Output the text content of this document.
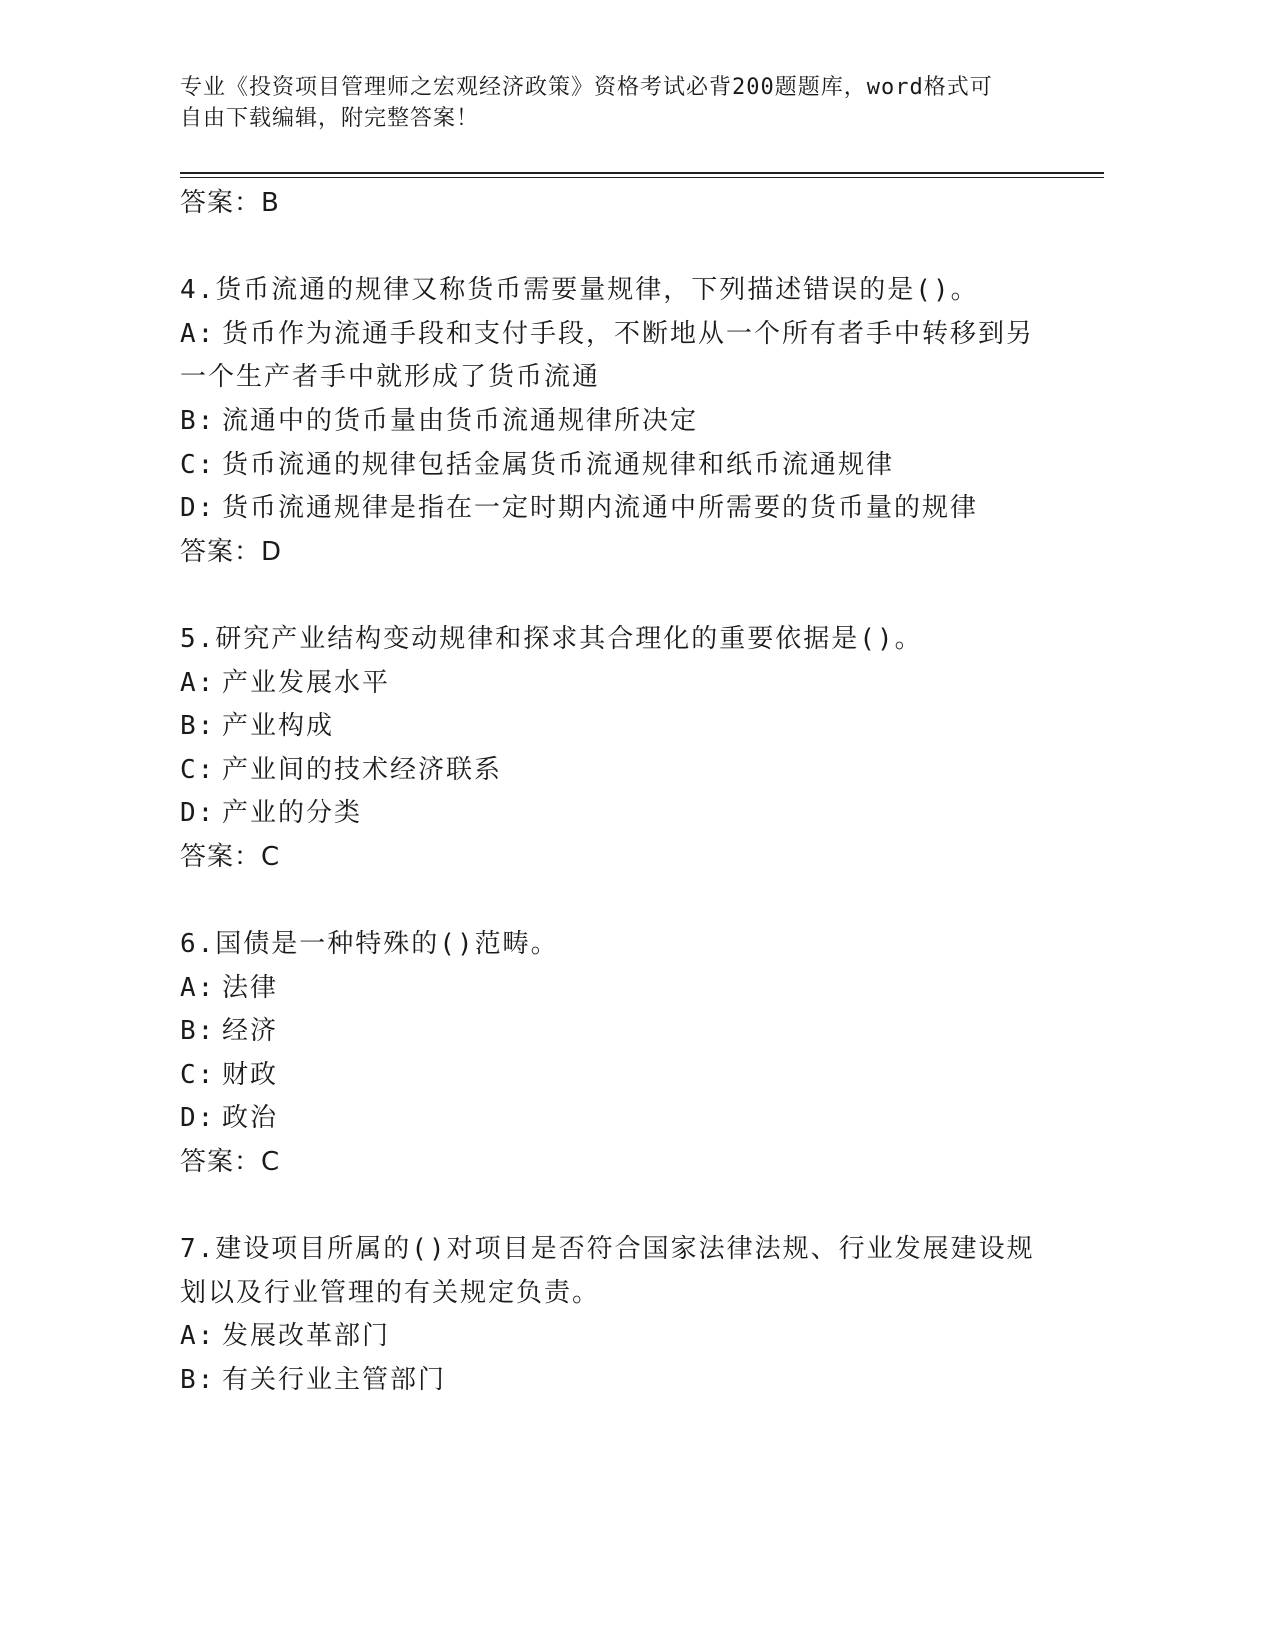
专业《投资项目管理师之宏观经济政策》资格考试必背200题题库，word格式可
自由下载编辑，附完整答案！
答案：B
4.货币流通的规律又称货币需要量规律，下列描述错误的是()。
A: 货币作为流通手段和支付手段，不断地从一个所有者手中转移到另
一个生产者手中就形成了货币流通
B: 流通中的货币量由货币流通规律所决定
C: 货币流通的规律包括金属货币流通规律和纸币流通规律
D: 货币流通规律是指在一定时期内流通中所需要的货币量的规律
答案：D
5.研究产业结构变动规律和探求其合理化的重要依据是()。
A: 产业发展水平
B: 产业构成
C: 产业间的技术经济联系
D: 产业的分类
答案：C
6.国债是一种特殊的()范畴。
A: 法律
B: 经济
C: 财政
D: 政治
答案：C
7.建设项目所属的()对项目是否符合国家法律法规、行业发展建设规
划以及行业管理的有关规定负责。
A: 发展改革部门
B: 有关行业主管部门
